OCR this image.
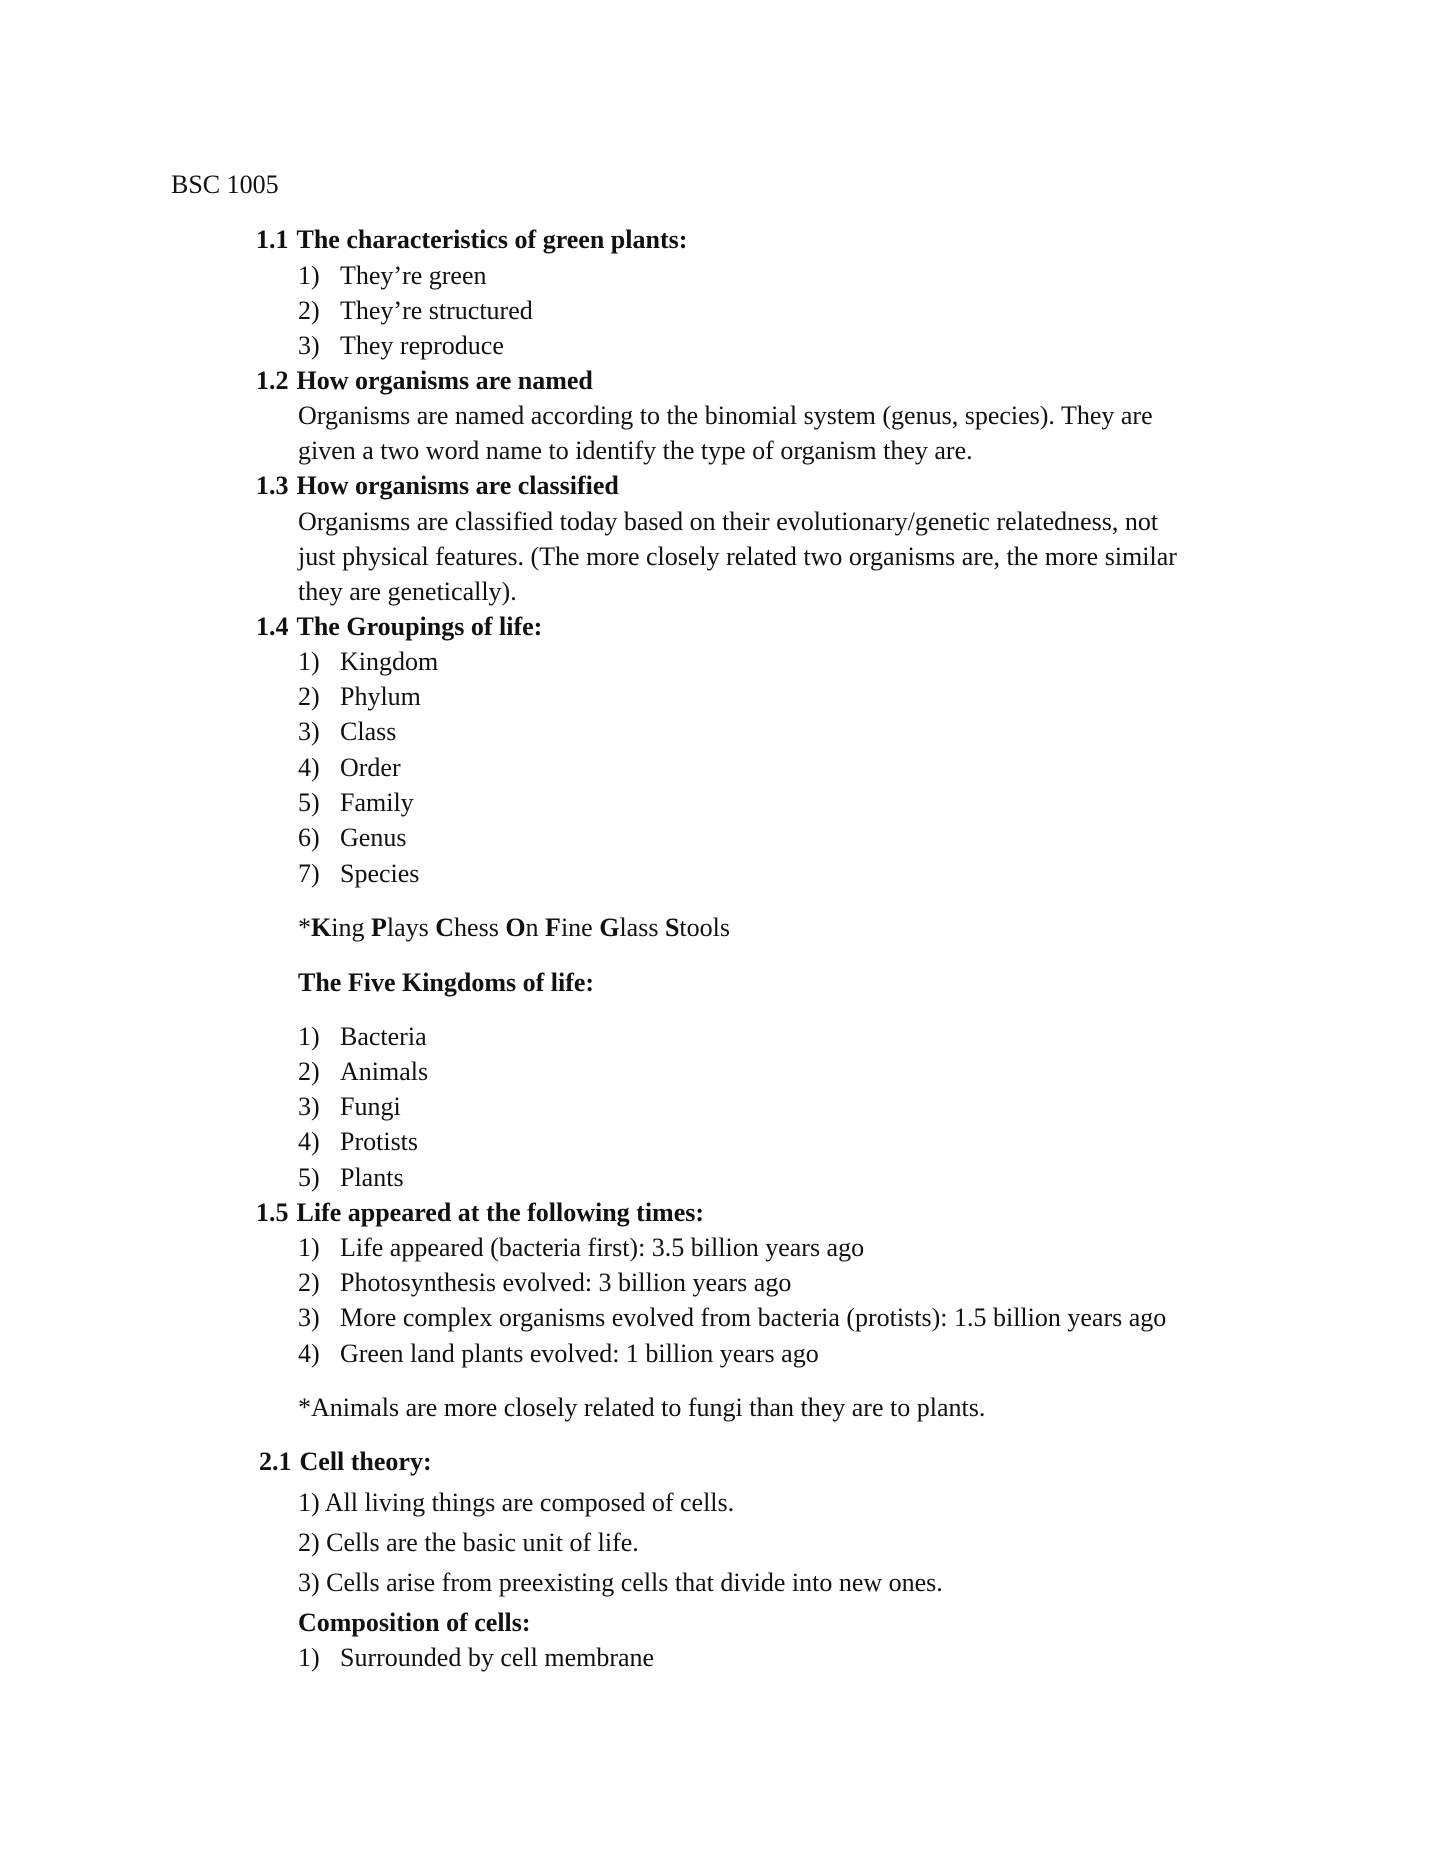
BSC 1005
1.1 The characteristics of green plants:
1) They’re green
2) They’re structured
3) They reproduce
1.2 How organisms are named
Organisms are named according to the binomial system (genus, species). They are
given a two word name to identify the type of organism they are.
1.3 How organisms are classified
Organisms are classified today based on their evolutionary/genetic relatedness, not
just physical features. (The more closely related two organisms are, the more similar
they are genetically).
1.4 The Groupings of life:
1) Kingdom
2) Phylum
3) Class
4) Order
5) Family
6) Genus
7) Species
*King Plays Chess On Fine Glass Stools
The Five Kingdoms of life:
1) Bacteria
2) Animals
3) Fungi
4) Protists
5) Plants
1.5 Life appeared at the following times:
1) Life appeared (bacteria first): 3.5 billion years ago
2) Photosynthesis evolved: 3 billion years ago
3) More complex organisms evolved from bacteria (protists): 1.5 billion years ago
4) Green land plants evolved: 1 billion years ago
*Animals are more closely related to fungi than they are to plants.
2.1 Cell theory:
1) All living things are composed of cells.
2) Cells are the basic unit of life.
3) Cells arise from preexisting cells that divide into new ones.
Composition of cells:
1) Surrounded by cell membrane
